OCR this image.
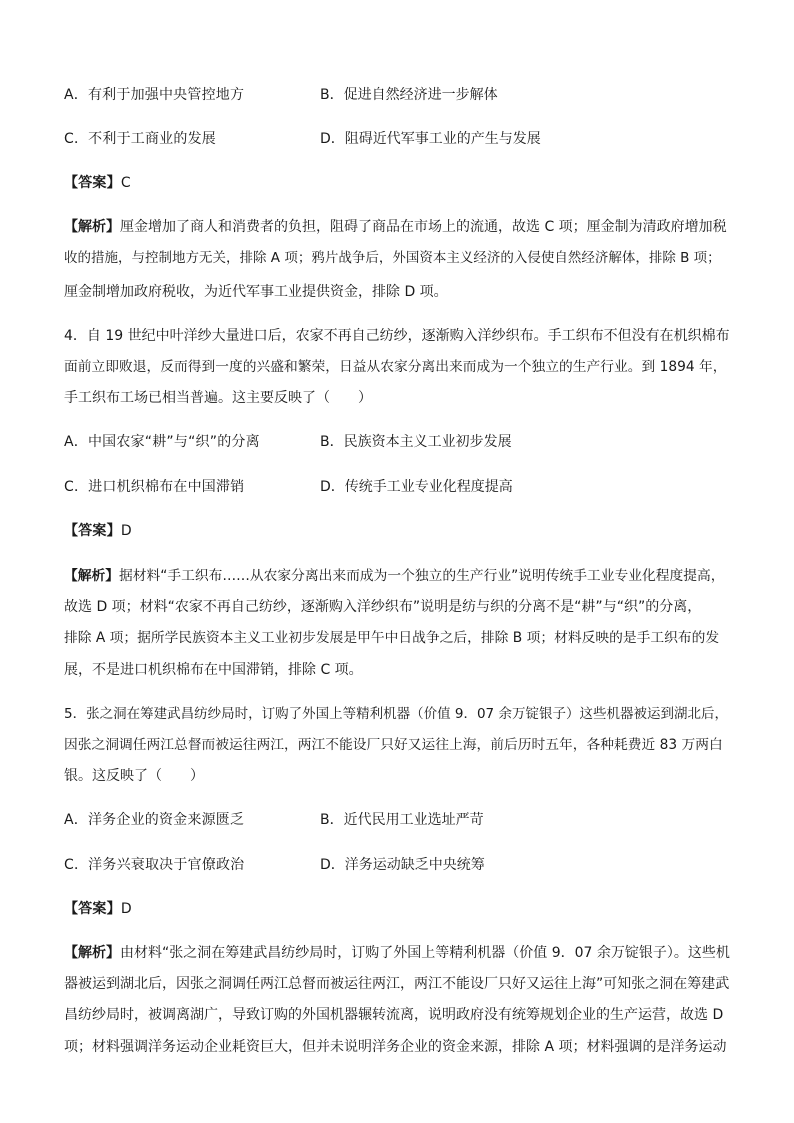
A．有利于加强中央管控地方	B．促进自然经济进一步解体
C．不利于工商业的发展	D．阻碍近代军事工业的产生与发展
【答案】C
【解析】厘金增加了商人和消费者的负担，阻碍了商品在市场上的流通，故选 C 项；厘金制为清政府增加税
收的措施，与控制地方无关，排除 A 项；鸦片战争后，外国资本主义经济的入侵使自然经济解体，排除 B 项；
厘金制增加政府税收，为近代军事工业提供资金，排除 D 项。
4．自 19 世纪中叶洋纱大量进口后，农家不再自己纺纱，逐渐购入洋纱织布。手工织布不但没有在机织棉布
面前立即败退，反而得到一度的兴盛和繁荣，日益从农家分离出来而成为一个独立的生产行业。到 1894 年，
手工织布工场已相当普遍。这主要反映了（　　）
A．中国农家“耕”与“织”的分离	B．民族资本主义工业初步发展
C．进口机织棉布在中国滞销	D．传统手工业专业化程度提高
【答案】D
【解析】据材料“手工织布……从农家分离出来而成为一个独立的生产行业”说明传统手工业专业化程度提高，
故选 D 项；材料“农家不再自己纺纱，逐渐购入洋纱织布”说明是纺与织的分离不是“耕”与“织”的分离，
排除 A 项；据所学民族资本主义工业初步发展是甲午中日战争之后，排除 B 项；材料反映的是手工织布的发
展，不是进口机织棉布在中国滞销，排除 C 项。
5．张之洞在筹建武昌纺纱局时，订购了外国上等精利机器（价值 9．07 余万锭银子）这些机器被运到湖北后，
因张之洞调任两江总督而被运往两江，两江不能设厂只好又运往上海，前后历时五年，各种耗费近 83 万两白
银。这反映了（　　）
A．洋务企业的资金来源匮乏	B．近代民用工业选址严苛
C．洋务兴衰取决于官僚政治	D．洋务运动缺乏中央统筹
【答案】D
【解析】由材料“张之洞在筹建武昌纺纱局时，订购了外国上等精利机器（价值 9．07 余万锭银子）。这些机
器被运到湖北后，因张之洞调任两江总督而被运往两江，两江不能设厂只好又运往上海”可知张之洞在筹建武
昌纺纱局时，被调离湖广，导致订购的外国机器辗转流离，说明政府没有统筹规划企业的生产运营，故选 D
项；材料强调洋务运动企业耗资巨大，但并未说明洋务企业的资金来源，排除 A 项；材料强调的是洋务运动
